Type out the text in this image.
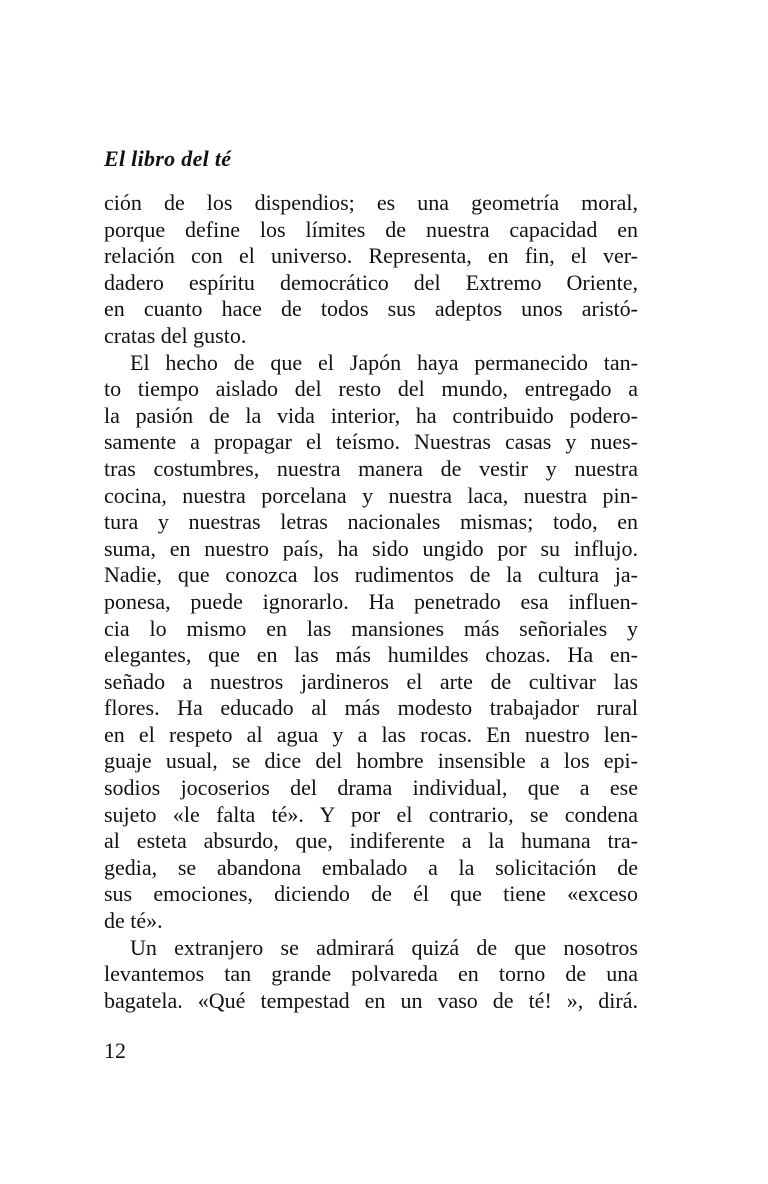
El libro del té
ción de los dispendios; es una geometría moral,
porque define los límites de nuestra capacidad en
relación con el universo. Representa, en fin, el ver-
dadero espíritu democrático del Extremo Oriente,
en cuanto hace de todos sus adeptos unos aristó-
cratas del gusto.
El hecho de que el Japón haya permanecido tan-
to tiempo aislado del resto del mundo, entregado a
la pasión de la vida interior, ha contribuido podero-
samente a propagar el teísmo. Nuestras casas y nues-
tras costumbres, nuestra manera de vestir y nuestra
cocina, nuestra porcelana y nuestra laca, nuestra pin-
tura y nuestras letras nacionales mismas; todo, en
suma, en nuestro país, ha sido ungido por su influjo.
Nadie, que conozca los rudimentos de la cultura ja-
ponesa, puede ignorarlo. Ha penetrado esa influen-
cia lo mismo en las mansiones más señoriales y
elegantes, que en las más humildes chozas. Ha en-
señado a nuestros jardineros el arte de cultivar las
flores. Ha educado al más modesto trabajador rural
en el respeto al agua y a las rocas. En nuestro len-
guaje usual, se dice del hombre insensible a los epi-
sodios jocoserios del drama individual, que a ese
sujeto «le falta té». Y por el contrario, se condena
al esteta absurdo, que, indiferente a la humana tra-
gedia, se abandona embalado a la solicitación de
sus emociones, diciendo de él que tiene «exceso
de té».
Un extranjero se admirará quizá de que nosotros
levantemos tan grande polvareda en torno de una
bagatela. «Qué tempestad en un vaso de té! », dirá.
12
